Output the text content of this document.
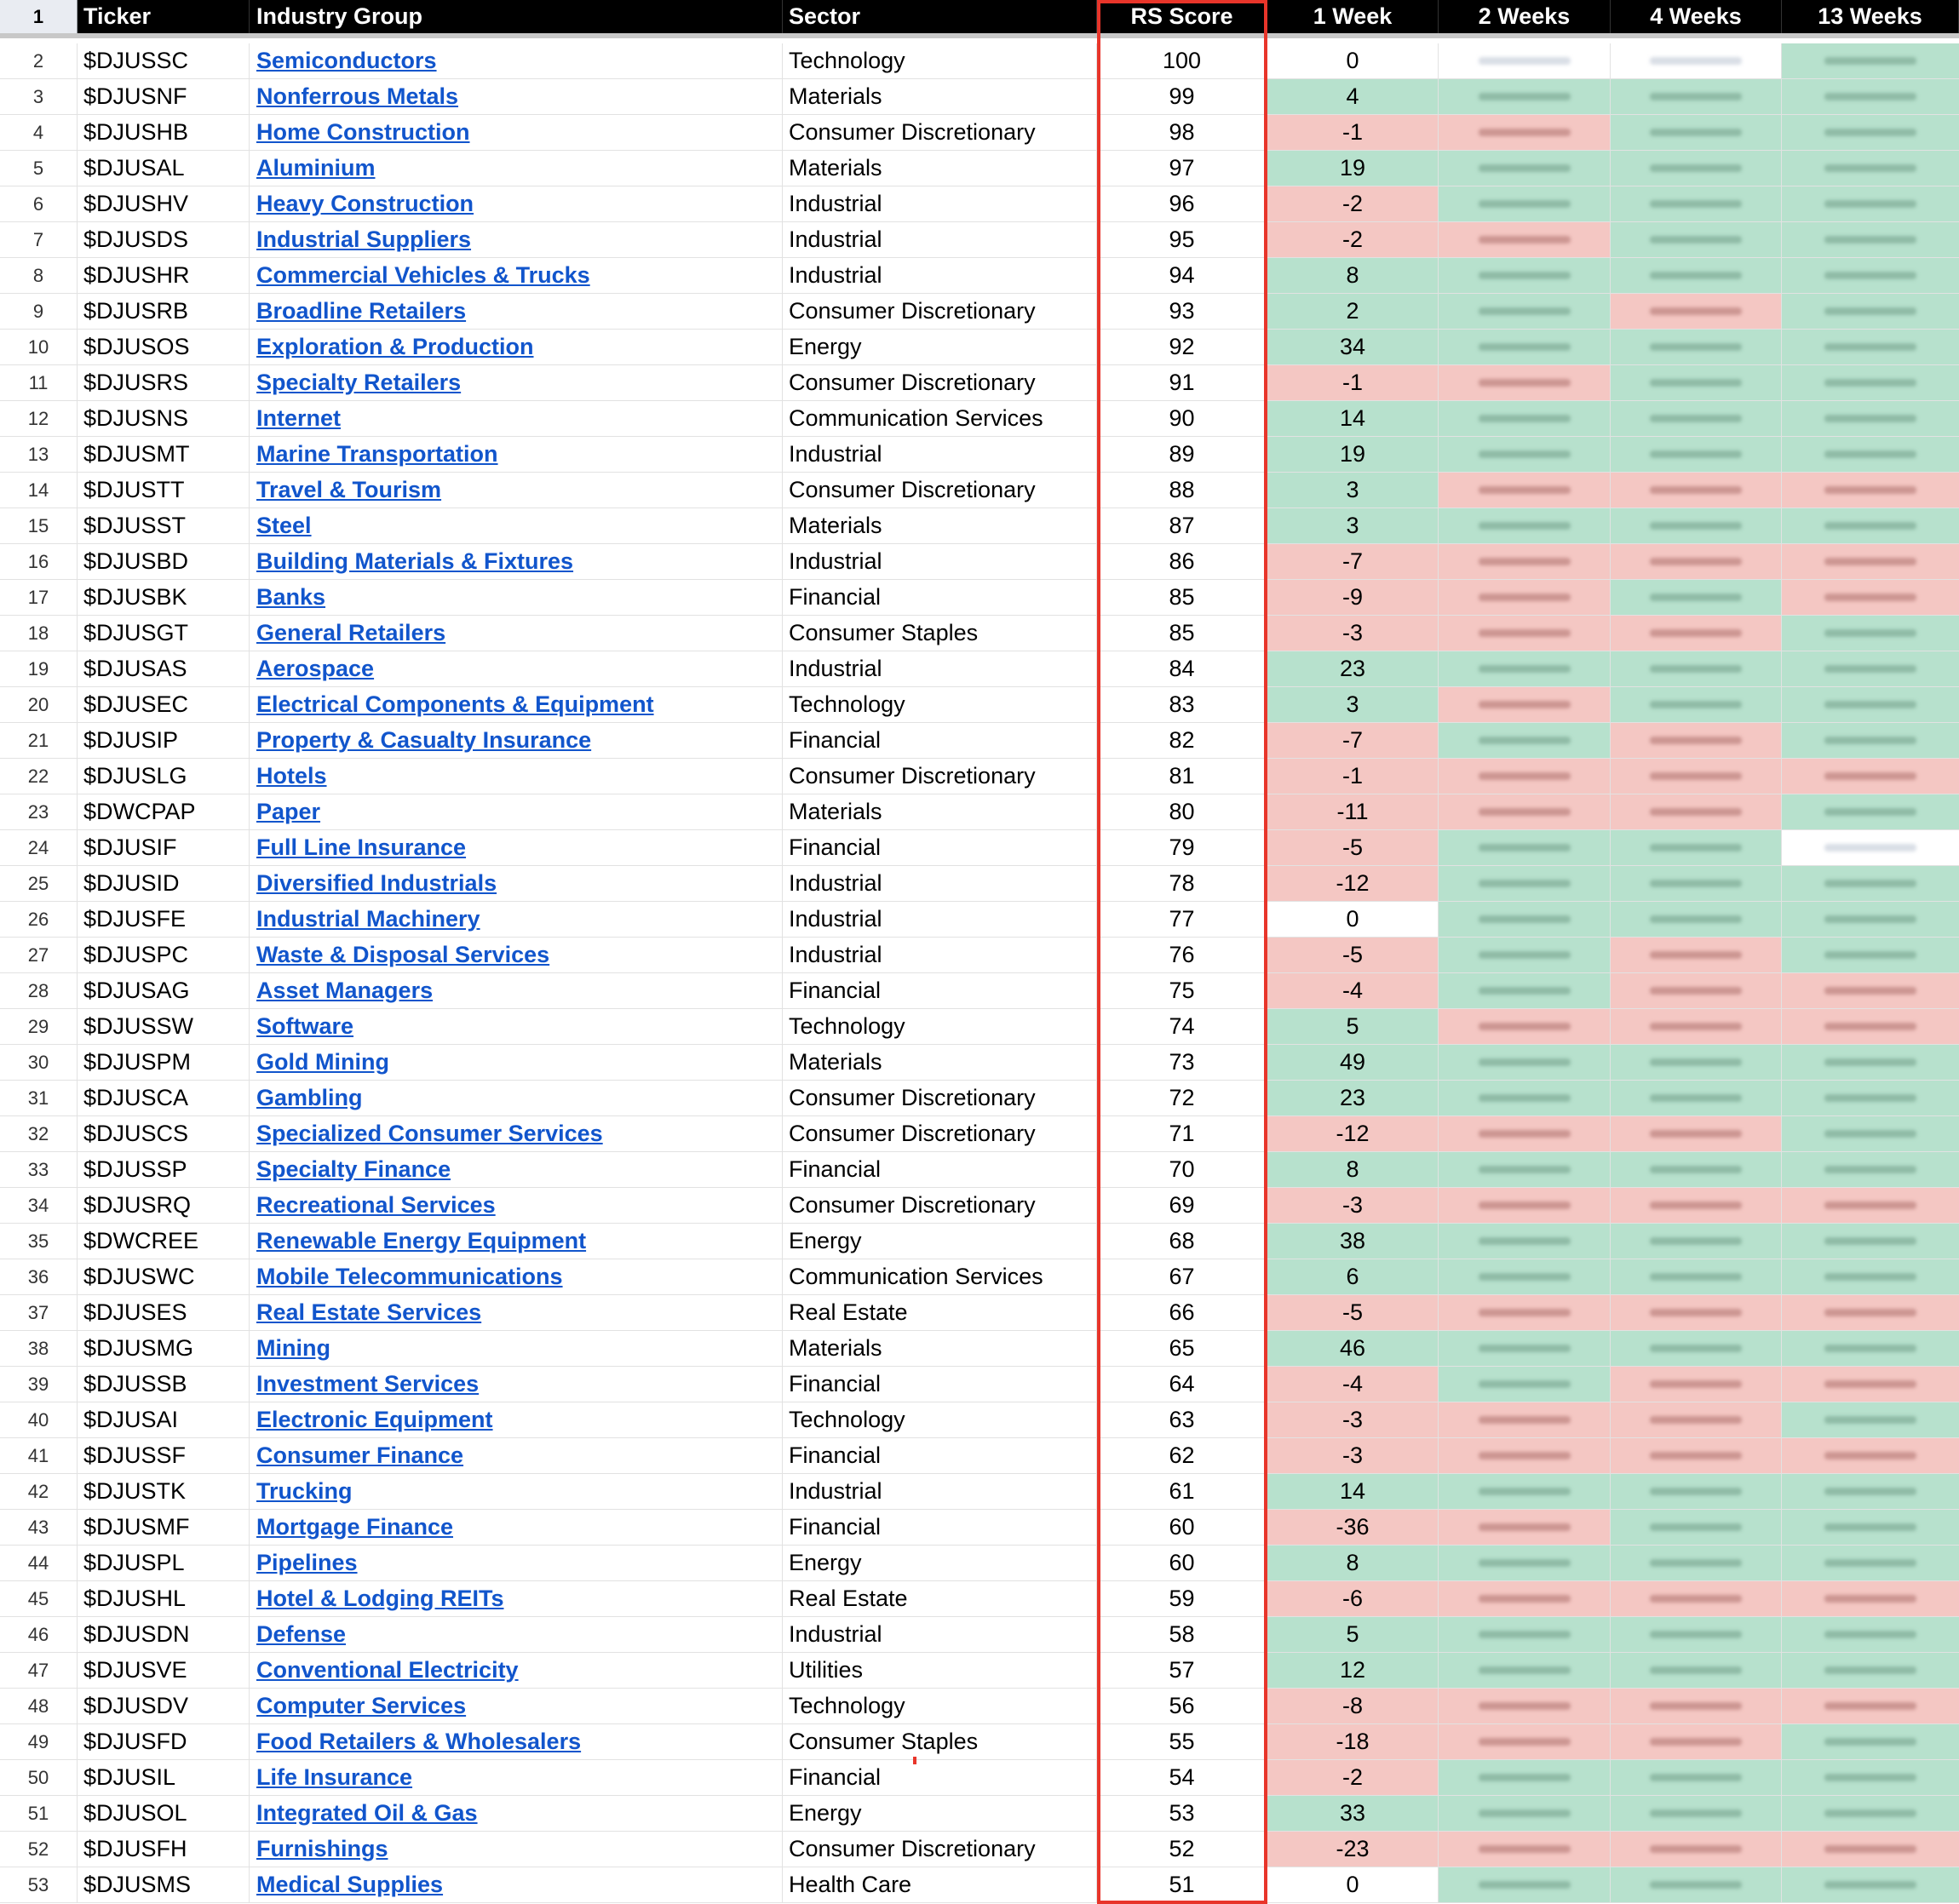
1	Ticker	Industry Group	Sector	RS Score	1 Week	2 Weeks	4 Weeks	13 Weeks
2	$DJUSSC	Semiconductors	Technology	100	0
3	$DJUSNF	Nonferrous Metals	Materials	99	4
4	$DJUSHB	Home Construction	Consumer Discretionary	98	-1
5	$DJUSAL	Aluminium	Materials	97	19
6	$DJUSHV	Heavy Construction	Industrial	96	-2
7	$DJUSDS	Industrial Suppliers	Industrial	95	-2
8	$DJUSHR	Commercial Vehicles & Trucks	Industrial	94	8
9	$DJUSRB	Broadline Retailers	Consumer Discretionary	93	2
10	$DJUSOS	Exploration & Production	Energy	92	34
11	$DJUSRS	Specialty Retailers	Consumer Discretionary	91	-1
12	$DJUSNS	Internet	Communication Services	90	14
13	$DJUSMT	Marine Transportation	Industrial	89	19
14	$DJUSTT	Travel & Tourism	Consumer Discretionary	88	3
15	$DJUSST	Steel	Materials	87	3
16	$DJUSBD	Building Materials & Fixtures	Industrial	86	-7
17	$DJUSBK	Banks	Financial	85	-9
18	$DJUSGT	General Retailers	Consumer Staples	85	-3
19	$DJUSAS	Aerospace	Industrial	84	23
20	$DJUSEC	Electrical Components & Equipment	Technology	83	3
21	$DJUSIP	Property & Casualty Insurance	Financial	82	-7
22	$DJUSLG	Hotels	Consumer Discretionary	81	-1
23	$DWCPAP	Paper	Materials	80	-11
24	$DJUSIF	Full Line Insurance	Financial	79	-5
25	$DJUSID	Diversified Industrials	Industrial	78	-12
26	$DJUSFE	Industrial Machinery	Industrial	77	0
27	$DJUSPC	Waste & Disposal Services	Industrial	76	-5
28	$DJUSAG	Asset Managers	Financial	75	-4
29	$DJUSSW	Software	Technology	74	5
30	$DJUSPM	Gold Mining	Materials	73	49
31	$DJUSCA	Gambling	Consumer Discretionary	72	23
32	$DJUSCS	Specialized Consumer Services	Consumer Discretionary	71	-12
33	$DJUSSP	Specialty Finance	Financial	70	8
34	$DJUSRQ	Recreational Services	Consumer Discretionary	69	-3
35	$DWCREE	Renewable Energy Equipment	Energy	68	38
36	$DJUSWC	Mobile Telecommunications	Communication Services	67	6
37	$DJUSES	Real Estate Services	Real Estate	66	-5
38	$DJUSMG	Mining	Materials	65	46
39	$DJUSSB	Investment Services	Financial	64	-4
40	$DJUSAI	Electronic Equipment	Technology	63	-3
41	$DJUSSF	Consumer Finance	Financial	62	-3
42	$DJUSTK	Trucking	Industrial	61	14
43	$DJUSMF	Mortgage Finance	Financial	60	-36
44	$DJUSPL	Pipelines	Energy	60	8
45	$DJUSHL	Hotel & Lodging REITs	Real Estate	59	-6
46	$DJUSDN	Defense	Industrial	58	5
47	$DJUSVE	Conventional Electricity	Utilities	57	12
48	$DJUSDV	Computer Services	Technology	56	-8
49	$DJUSFD	Food Retailers & Wholesalers	Consumer Staples	55	-18
50	$DJUSIL	Life Insurance	Financial	54	-2
51	$DJUSOL	Integrated Oil & Gas	Energy	53	33
52	$DJUSFH	Furnishings	Consumer Discretionary	52	-23
53	$DJUSMS	Medical Supplies	Health Care	51	0
